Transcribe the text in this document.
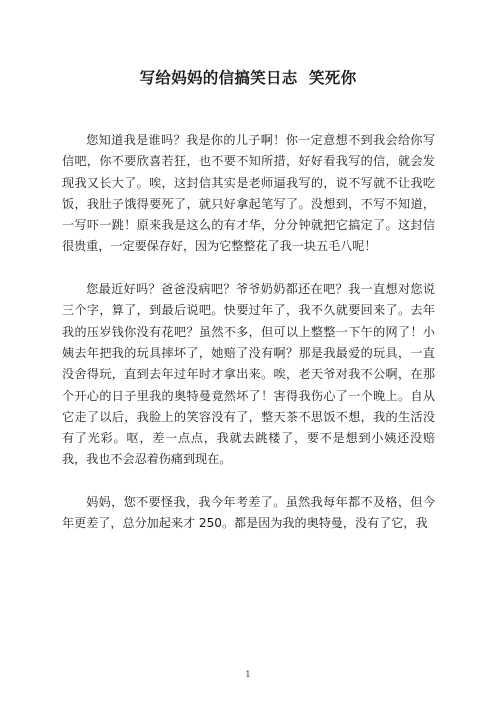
写给妈妈的信搞笑日志  笑死你

您知道我是谁吗？我是你的儿子啊！你一定意想不到我会给你写信吧，你不要欣喜若狂，也不要不知所措，好好看我写的信，就会发现我又长大了。唉，这封信其实是老师逼我写的，说不写就不让我吃饭，我肚子饿得要死了，就只好拿起笔写了。没想到，不写不知道，一写吓一跳！原来我是这么的有才华，分分钟就把它搞定了。这封信很贵重，一定要保存好，因为它整整花了我一块五毛八呢！

您最近好吗？爸爸没病吧？爷爷奶奶都还在吧？我一直想对您说三个字，算了，到最后说吧。快要过年了，我不久就要回来了。去年我的压岁钱你没有花吧？虽然不多，但可以上整整一下午的网了！小姨去年把我的玩具摔坏了，她赔了没有啊？那是我最爱的玩具，一直没舍得玩，直到去年过年时才拿出来。唉，老天爷对我不公啊，在那个开心的日子里我的奥特曼竟然坏了！害得我伤心了一个晚上。自从它走了以后，我脸上的笑容没有了，整天茶不思饭不想，我的生活没有了光彩。呕，差一点点，我就去跳楼了，要不是想到小姨还没赔我，我也不会忍着伤痛到现在。

妈妈，您不要怪我，我今年考差了。虽然我每年都不及格，但今年更差了，总分加起来才 250。都是因为我的奥特曼，没有了它，我

1
